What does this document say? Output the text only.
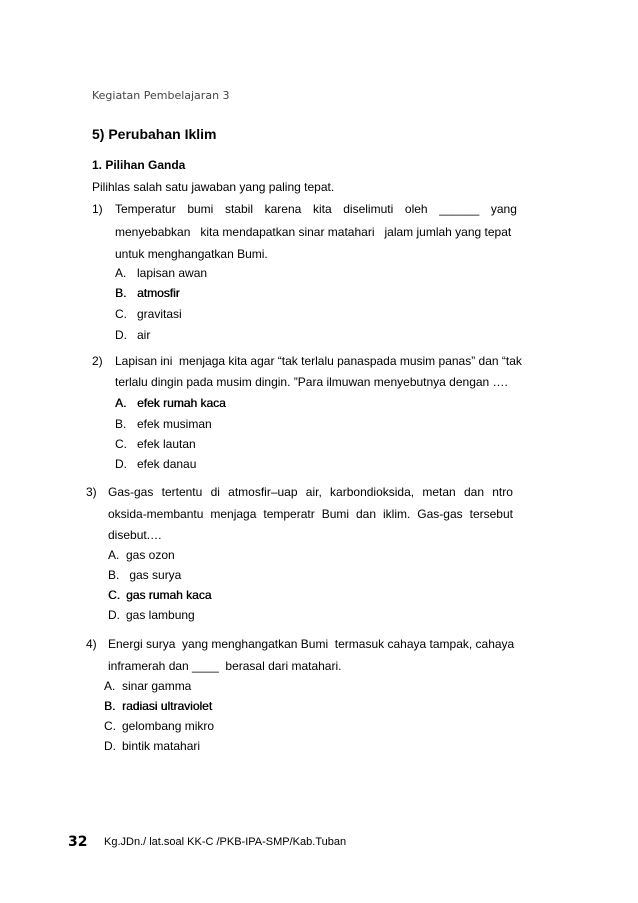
Kegiatan Pembelajaran 3
5) Perubahan Iklim
1. Pilihan Ganda
Pilihlas salah satu jawaban yang paling tepat.
1) Temperatur bumi stabil karena kita diselimuti oleh ______ yang
menyebabkan   kita mendapatkan sinar matahari   jalam jumlah yang tepat
untuk menghangatkan Bumi.
A. lapisan awan
B. atmosfir
C. gravitasi
D. air
2) Lapisan ini  menjaga kita agar “tak terlalu panaspada musim panas” dan “tak
terlalu dingin pada musim dingin. ”Para ilmuwan menyebutnya dengan ….
A. efek rumah kaca
B. efek musiman
C. efek lautan
D. efek danau
3) Gas-gas tertentu di atmosfir–uap air, karbondioksida, metan dan ntro
oksida-membantu menjaga temperatr Bumi dan iklim. Gas-gas tersebut
disebut.…
A. gas ozon
B. gas surya
C. gas rumah kaca
D. gas lambung
4) Energi surya  yang menghangatkan Bumi  termasuk cahaya tampak, cahaya
inframerah dan ____  berasal dari matahari.
A. sinar gamma
B. radiasi ultraviolet
C. gelombang mikro
D. bintik matahari
32 Kg.JDn./ lat.soal KK-C /PKB-IPA-SMP/Kab.Tuban
